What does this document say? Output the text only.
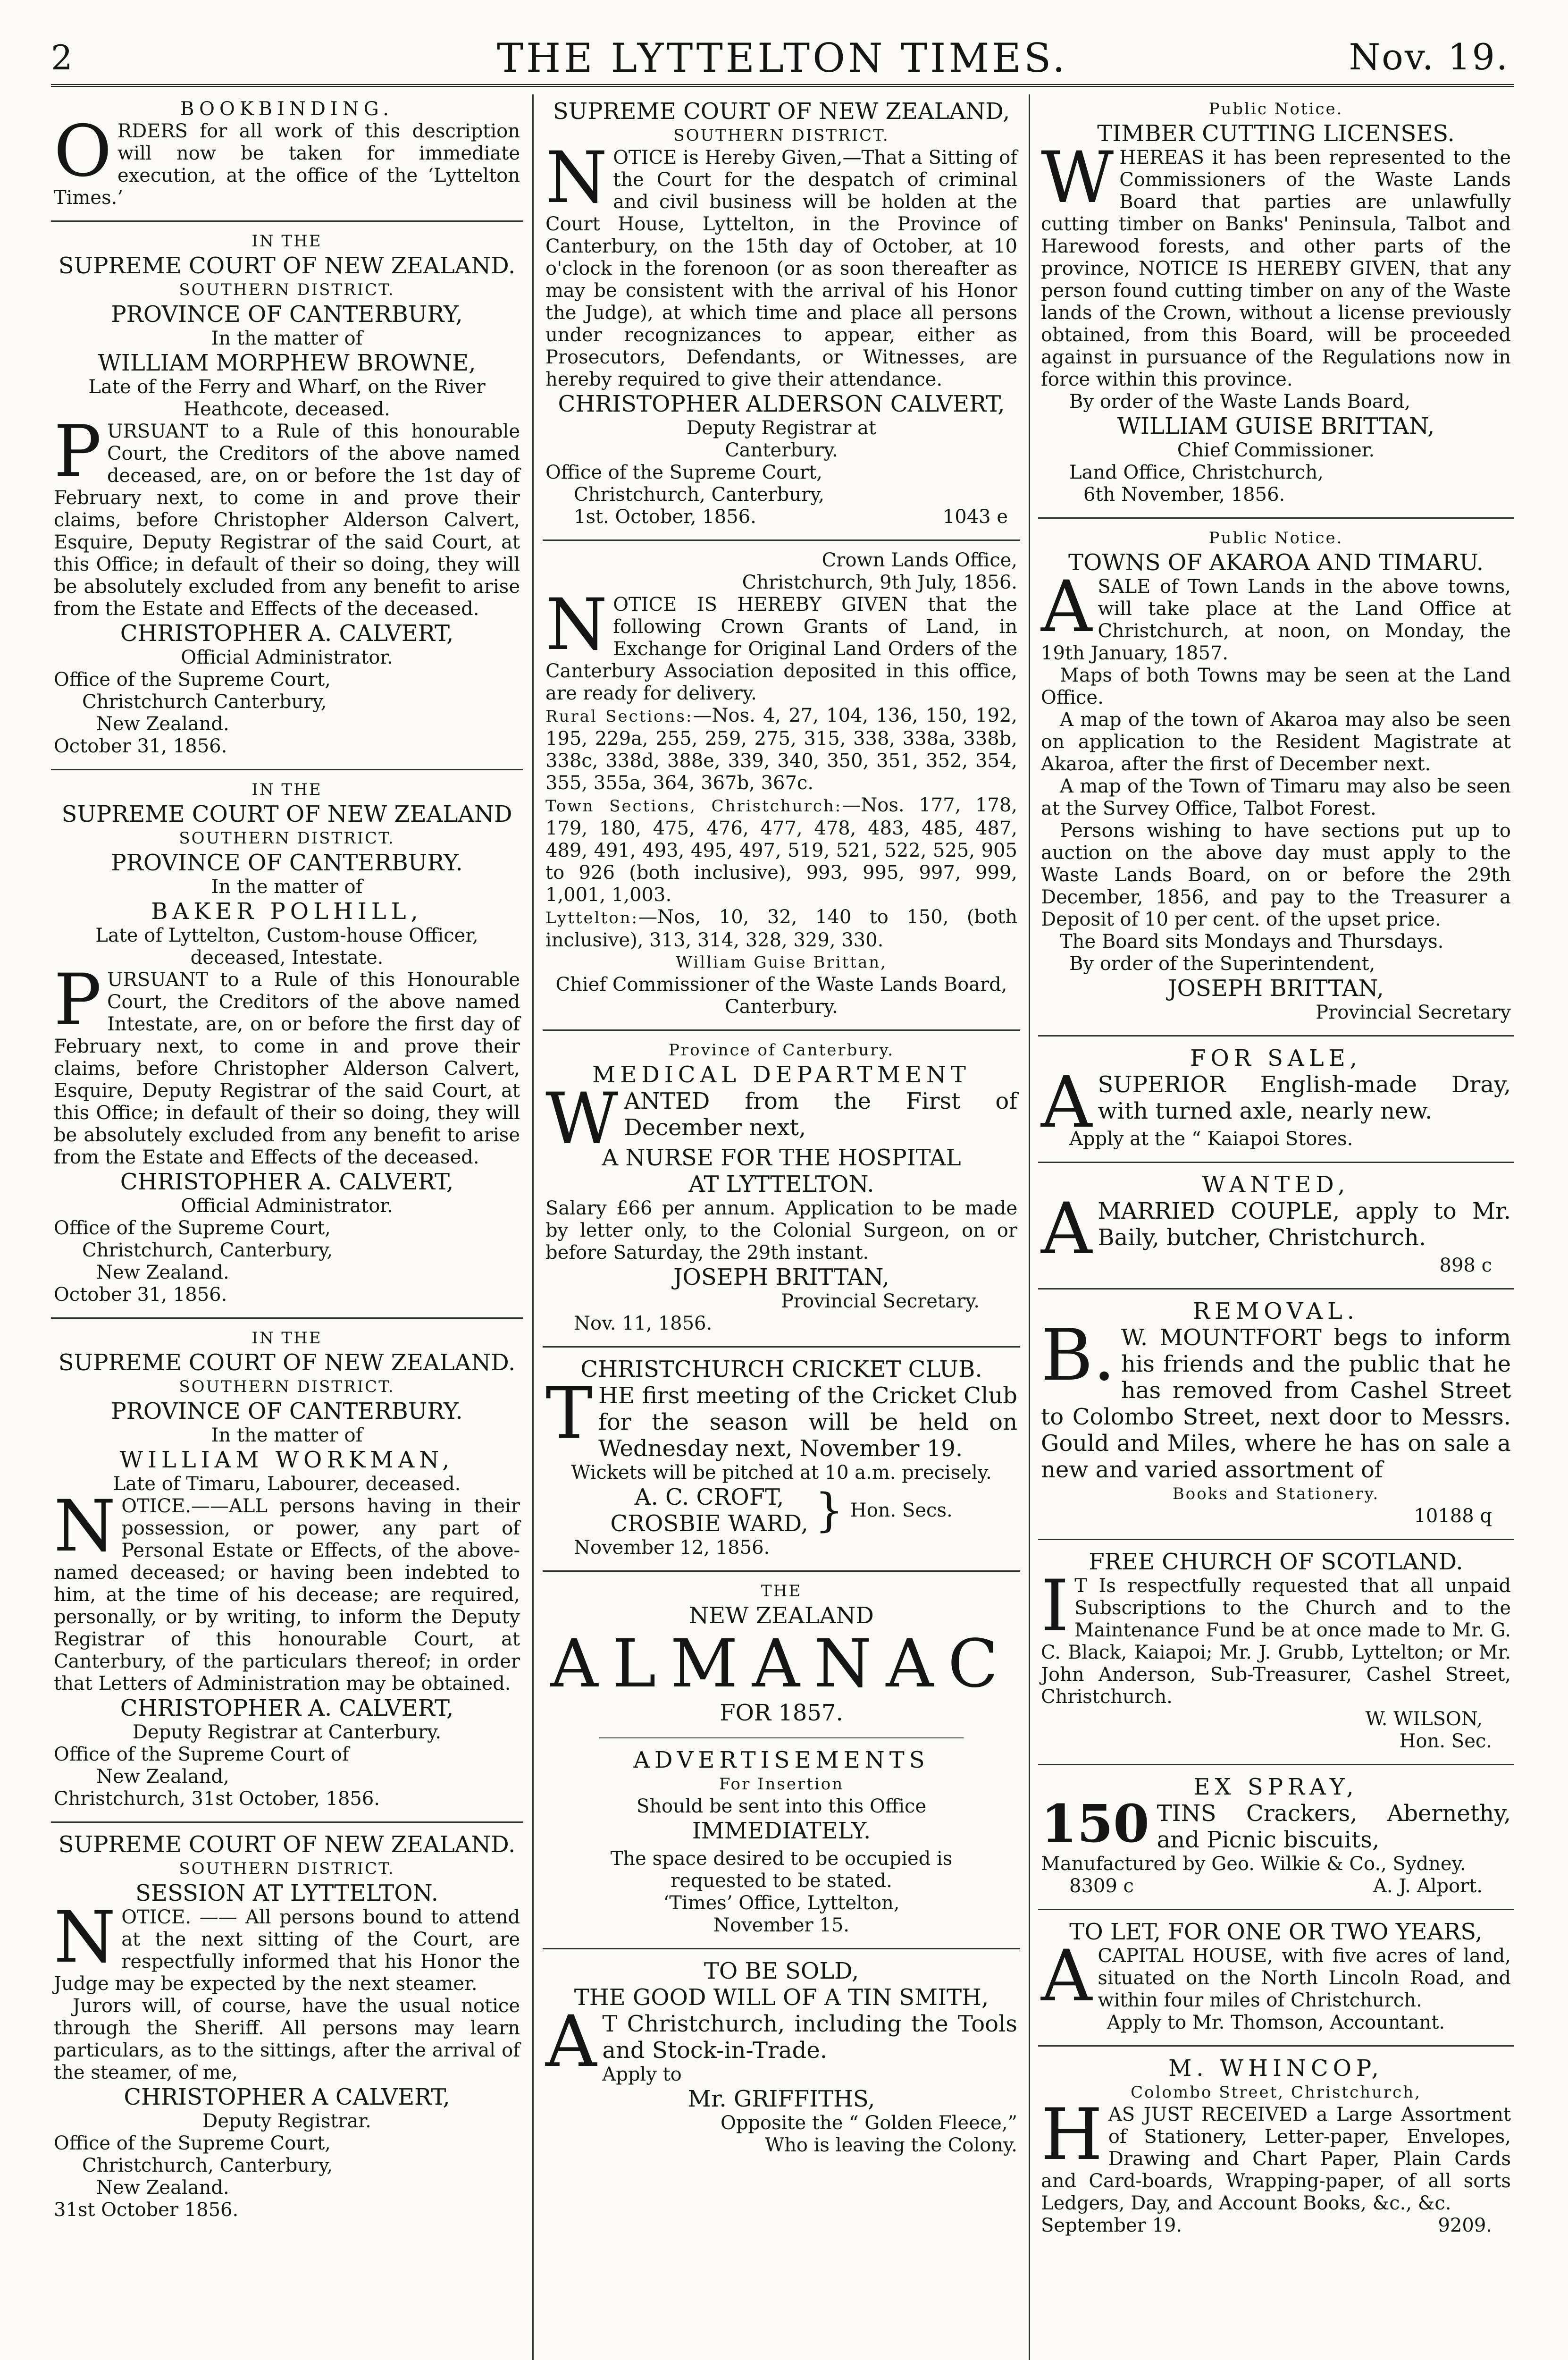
2	THE LYTTELTON TIMES.	Nov. 19.

BOOKBINDING.

ORDERS for all work of this description will now be taken for immediate execution, at the office of the ‘Lyttelton Times.’

IN THE

SUPREME COURT OF NEW ZEALAND.

SOUTHERN DISTRICT.

PROVINCE OF CANTERBURY,

In the matter of

WILLIAM MORPHEW BROWNE,

Late of the Ferry and Wharf, on the River Heathcote, deceased.

PURSUANT to a Rule of this honourable Court, the Creditors of the above named deceased, are, on or before the 1st day of February next, to come in and prove their claims, before Christopher Alderson Calvert, Esquire, Deputy Registrar of the said Court, at this Office; in default of their so doing, they will be absolutely excluded from any benefit to arise from the Estate and Effects of the deceased.

CHRISTOPHER A. CALVERT,

Official Administrator.

Office of the Supreme Court,

Christchurch Canterbury,

New Zealand.

October 31, 1856.

IN THE

SUPREME COURT OF NEW ZEALAND

SOUTHERN DISTRICT.

PROVINCE OF CANTERBURY.

In the matter of

BAKER POLHILL,

Late of Lyttelton, Custom-house Officer, deceased, Intestate.

PURSUANT to a Rule of this Honourable Court, the Creditors of the above named Intestate, are, on or before the first day of February next, to come in and prove their claims, before Christopher Alderson Calvert, Esquire, Deputy Registrar of the said Court, at this Office; in default of their so doing, they will be absolutely excluded from any benefit to arise from the Estate and Effects of the deceased.

CHRISTOPHER A. CALVERT,

Official Administrator.

Office of the Supreme Court,

Christchurch, Canterbury,

New Zealand.

October 31, 1856.

IN THE

SUPREME COURT OF NEW ZEALAND.

SOUTHERN DISTRICT.

PROVINCE OF CANTERBURY.

In the matter of

WILLIAM WORKMAN,

Late of Timaru, Labourer, deceased.

NOTICE.——ALL persons having in their possession, or power, any part of Personal Estate or Effects, of the above-named deceased; or having been indebted to him, at the time of his decease; are required, personally, or by writing, to inform the Deputy Registrar of this honourable Court, at Canterbury, of the particulars thereof; in order that Letters of Administration may be obtained.

CHRISTOPHER A. CALVERT,

Deputy Registrar at Canterbury.

Office of the Supreme Court of

New Zealand,

Christchurch, 31st October, 1856.

SUPREME COURT OF NEW ZEALAND.

SOUTHERN DISTRICT.

SESSION AT LYTTELTON.

NOTICE. —— All persons bound to attend at the next sitting of the Court, are respectfully informed that his Honor the Judge may be expected by the next steamer.

Jurors will, of course, have the usual notice through the Sheriff. All persons may learn particulars, as to the sittings, after the arrival of the steamer, of me,

CHRISTOPHER A CALVERT,

Deputy Registrar.

Office of the Supreme Court,

Christchurch, Canterbury,

New Zealand.

31st October 1856.

SUPREME COURT OF NEW ZEALAND,

SOUTHERN DISTRICT.

NOTICE is Hereby Given,—That a Sitting of the Court for the despatch of criminal and civil business will be holden at the Court House, Lyttelton, in the Province of Canterbury, on the 15th day of October, at 10 o'clock in the forenoon (or as soon thereafter as may be consistent with the arrival of his Honor the Judge), at which time and place all persons under recognizances to appear, either as Prosecutors, Defendants, or Witnesses, are hereby required to give their attendance.

CHRISTOPHER ALDERSON CALVERT,

Deputy Registrar at

Canterbury.

Office of the Supreme Court,

Christchurch, Canterbury,

1st. October, 1856.	1043 e

Crown Lands Office,

Christchurch, 9th July, 1856.

NOTICE IS HEREBY GIVEN that the following Crown Grants of Land, in Exchange for Original Land Orders of the Canterbury Association deposited in this office, are ready for delivery.

Rural Sections:—Nos. 4, 27, 104, 136, 150, 192, 195, 229a, 255, 259, 275, 315, 338, 338a, 338b, 338c, 338d, 388e, 339, 340, 350, 351, 352, 354, 355, 355a, 364, 367b, 367c.

Town Sections, Christchurch:—Nos. 177, 178, 179, 180, 475, 476, 477, 478, 483, 485, 487, 489, 491, 493, 495, 497, 519, 521, 522, 525, 905 to 926 (both inclusive), 993, 995, 997, 999, 1,001, 1,003.

Lyttelton:—Nos, 10, 32, 140 to 150, (both inclusive), 313, 314, 328, 329, 330.

William Guise Brittan,

Chief Commissioner of the Waste Lands Board,

Canterbury.

Province of Canterbury.

MEDICAL DEPARTMENT

WANTED from the First of December next,

A NURSE FOR THE HOSPITAL

AT LYTTELTON.

Salary £66 per annum. Application to be made by letter only, to the Colonial Surgeon, on or before Saturday, the 29th instant.

JOSEPH BRITTAN,

Provincial Secretary.

Nov. 11, 1856.

CHRISTCHURCH CRICKET CLUB.

THE first meeting of the Cricket Club for the season will be held on Wednesday next, November 19.

Wickets will be pitched at 10 a.m. precisely.

A. C. CROFT,

CROSBIE WARD, } Hon. Secs.

November 12, 1856.

THE

NEW ZEALAND

ALMANAC

FOR 1857.

ADVERTISEMENTS

For Insertion

Should be sent into this Office

IMMEDIATELY.

The space desired to be occupied is requested to be stated.

‘Times’ Office, Lyttelton,

November 15.

TO BE SOLD,

THE GOOD WILL OF A TIN SMITH,

A T Christchurch, including the Tools and Stock-in-Trade.

Apply to

Mr. GRIFFITHS,

Opposite the “ Golden Fleece,”

Who is leaving the Colony.

Public Notice.

TIMBER CUTTING LICENSES.

WHEREAS it has been represented to the Commissioners of the Waste Lands Board that parties are unlawfully cutting timber on Banks' Peninsula, Talbot and Harewood forests, and other parts of the province, NOTICE IS HEREBY GIVEN, that any person found cutting timber on any of the Waste lands of the Crown, without a license previously obtained, from this Board, will be proceeded against in pursuance of the Regulations now in force within this province.

By order of the Waste Lands Board,

WILLIAM GUISE BRITTAN,

Chief Commissioner.

Land Office, Christchurch,

6th November, 1856.

Public Notice.

TOWNS OF AKAROA AND TIMARU.

ASALE of Town Lands in the above towns, will take place at the Land Office at Christchurch, at noon, on Monday, the 19th January, 1857.

Maps of both Towns may be seen at the Land Office.

A map of the town of Akaroa may also be seen on application to the Resident Magistrate at Akaroa, after the first of December next.

A map of the Town of Timaru may also be seen at the Survey Office, Talbot Forest.

Persons wishing to have sections put up to auction on the above day must apply to the Waste Lands Board, on or before the 29th December, 1856, and pay to the Treasurer a Deposit of 10 per cent. of the upset price.

The Board sits Mondays and Thursdays.

By order of the Superintendent,

JOSEPH BRITTAN,

Provincial Secretary

FOR SALE,

ASUPERIOR English-made Dray, with turned axle, nearly new.

Apply at the “ Kaiapoi Stores.

WANTED,

AMARRIED COUPLE, apply to Mr. Baily, butcher, Christchurch.

898 c

REMOVAL.

B. W. MOUNTFORT begs to inform his friends and the public that he has removed from Cashel Street to Colombo Street, next door to Messrs. Gould and Miles, where he has on sale a new and varied assortment of

Books and Stationery.

10188 q

FREE CHURCH OF SCOTLAND.

I T Is respectfully requested that all unpaid Subscriptions to the Church and to the Maintenance Fund be at once made to Mr. G. C. Black, Kaiapoi; Mr. J. Grubb, Lyttelton; or Mr. John Anderson, Sub-Treasurer, Cashel Street, Christchurch.

W. WILSON,

Hon. Sec.

EX SPRAY,

150 TINS Crackers, Abernethy, and Picnic biscuits,

Manufactured by Geo. Wilkie & Co., Sydney.

8309 c	A. J. Alport.

TO LET, FOR ONE OR TWO YEARS,

ACAPITAL HOUSE, with five acres of land, situated on the North Lincoln Road, and within four miles of Christchurch.

Apply to Mr. Thomson, Accountant.

M. WHINCOP,

Colombo Street, Christchurch,

HAS JUST RECEIVED a Large Assortment of Stationery, Letter-paper, Envelopes, Drawing and Chart Paper, Plain Cards and Card-boards, Wrapping-paper, of all sorts Ledgers, Day, and Account Books, &c., &c.

September 19.	9209.
